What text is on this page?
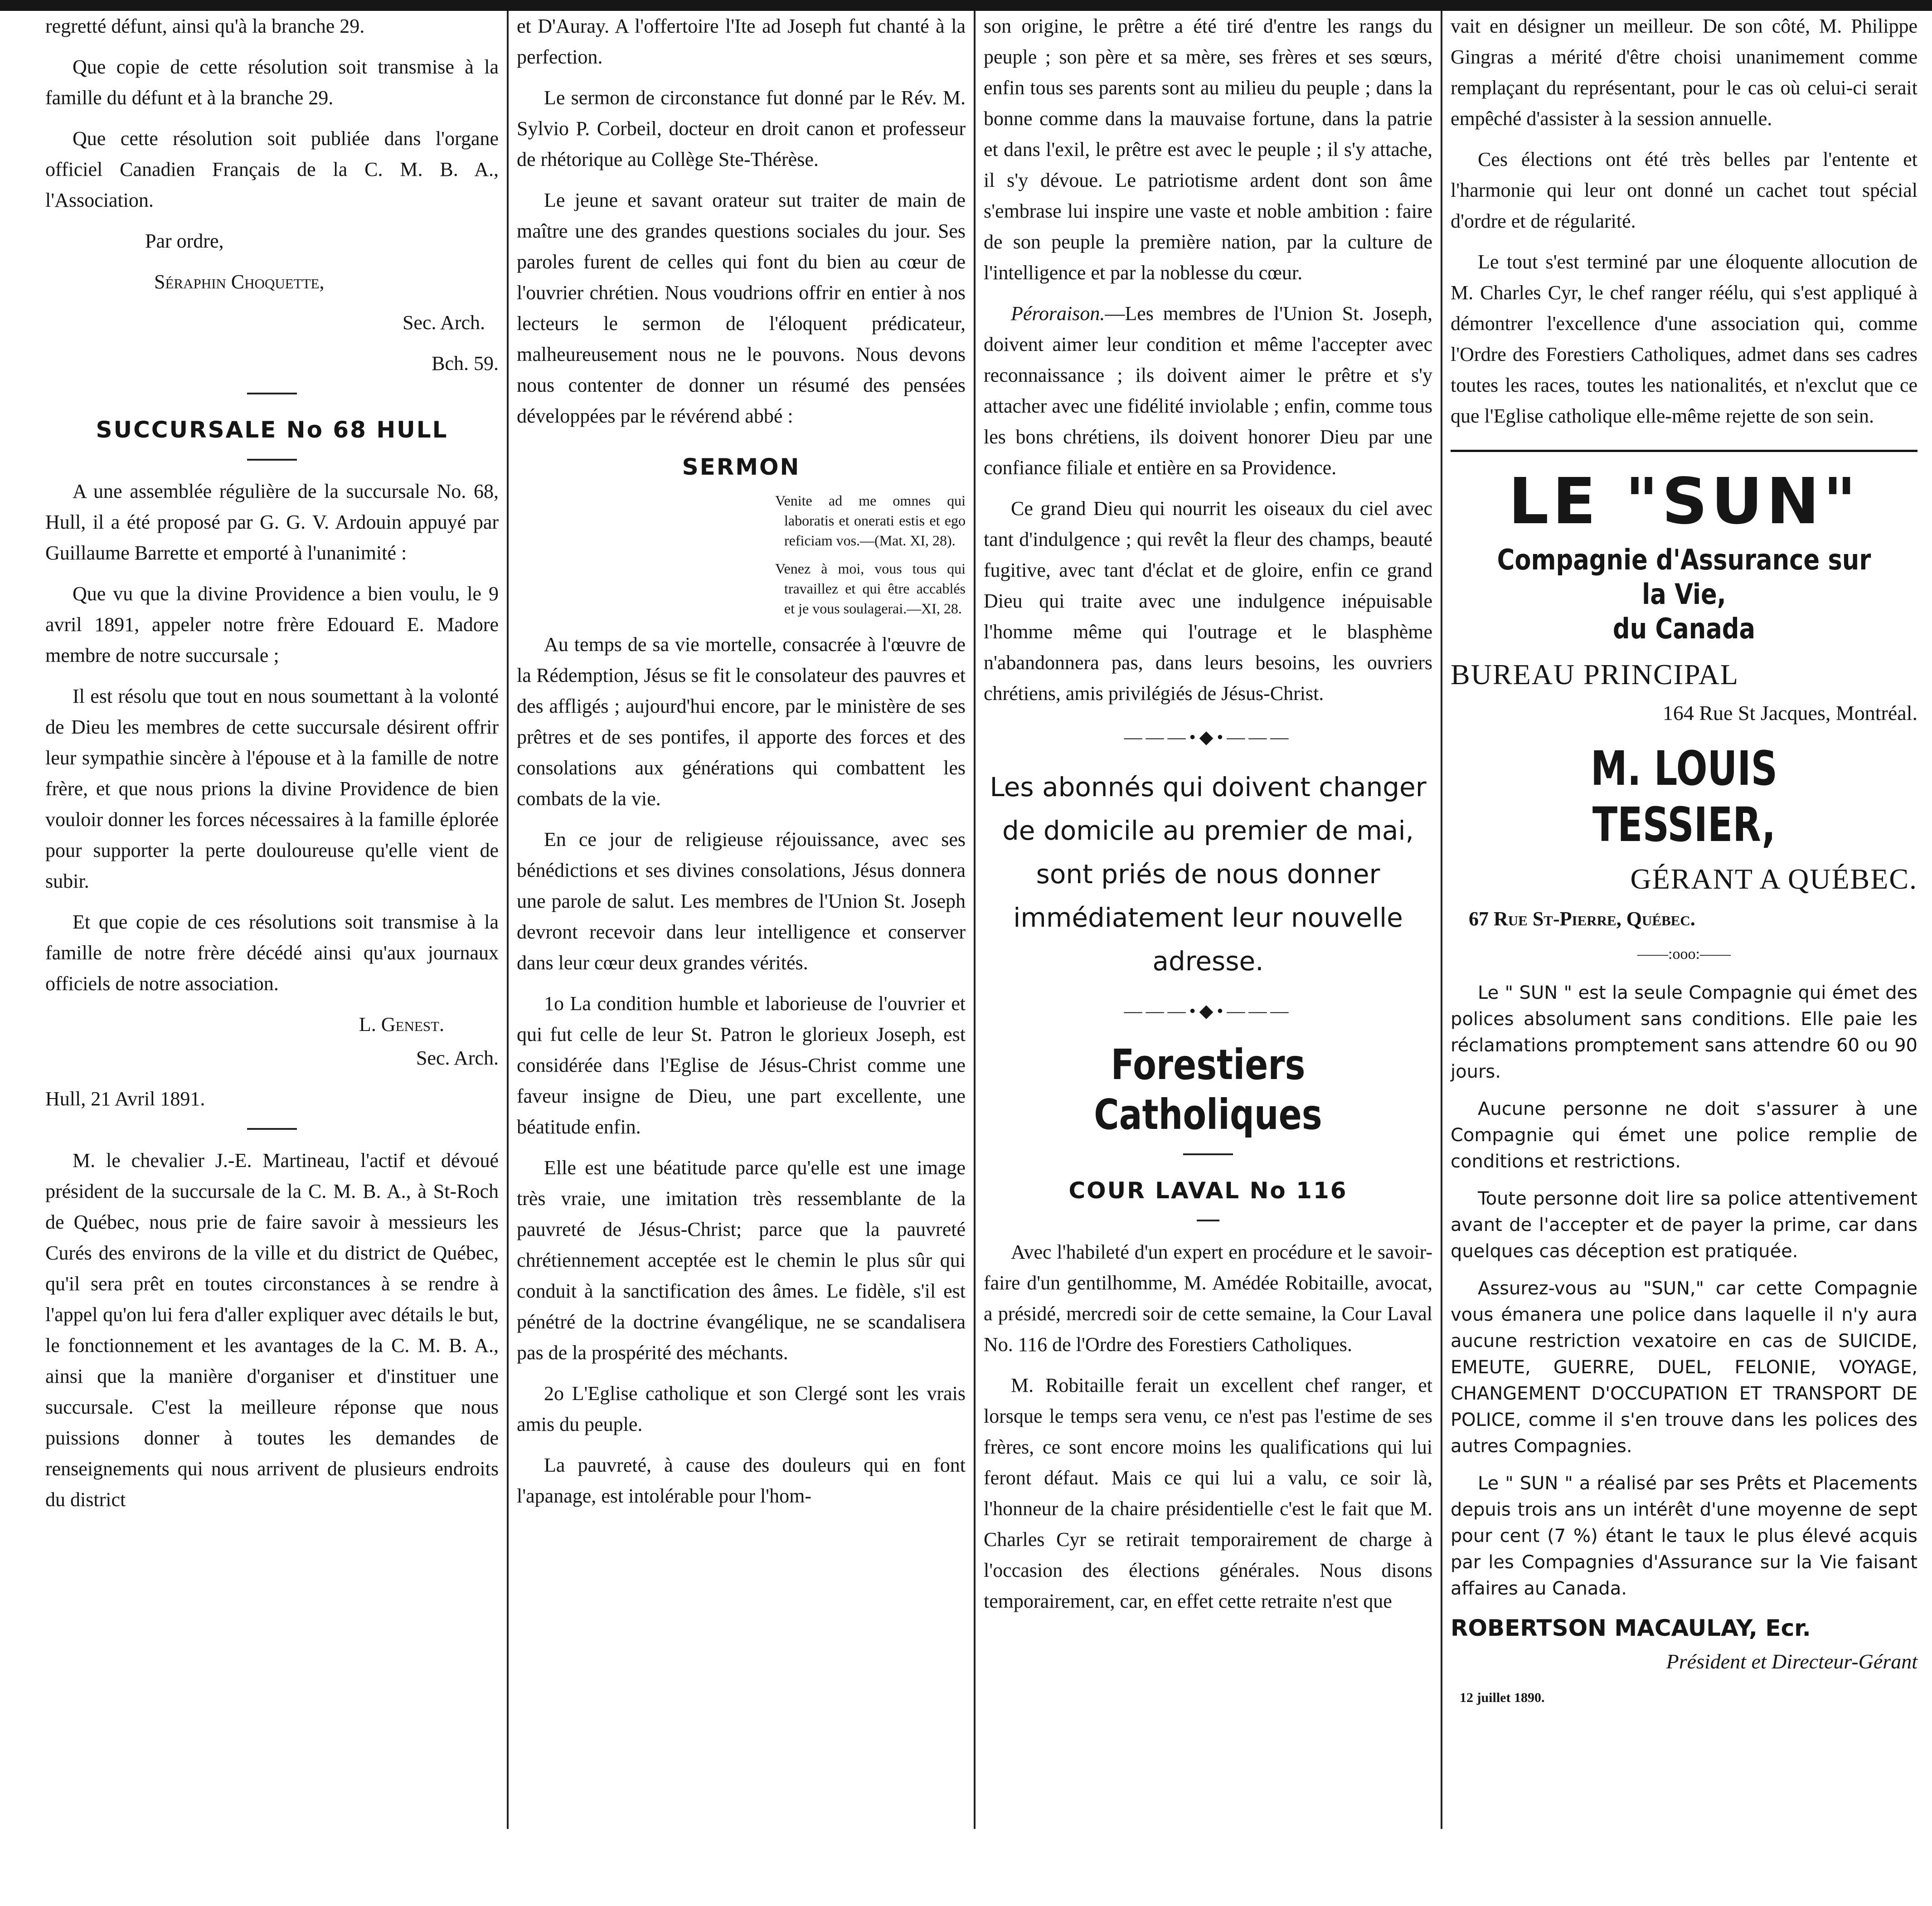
regretté défunt, ainsi qu'à la branche 29.

Que copie de cette résolution soit transmise à la famille du défunt et à la branche 29.

Que cette résolution soit publiée dans l'organe officiel Canadien Français de la C. M. B. A., l'Association.

Par ordre,

Séraphin Choquette,

Sec. Arch.

Bch. 59.

SUCCURSALE No 68 HULL

A une assemblée régulière de la succursale No. 68, Hull, il a été proposé par G. G. V. Ardouin appuyé par Guillaume Barrette et emporté à l'unanimité :

Que vu que la divine Providence a bien voulu, le 9 avril 1891, appeler notre frère Edouard E. Madore membre de notre succursale ;

Il est résolu que tout en nous soumettant à la volonté de Dieu les membres de cette succursale désirent offrir leur sympathie sincère à l'épouse et à la famille de notre frère, et que nous prions la divine Providence de bien vouloir donner les forces nécessaires à la famille éplorée pour supporter la perte douloureuse qu'elle vient de subir.

Et que copie de ces résolutions soit transmise à la famille de notre frère décédé ainsi qu'aux journaux officiels de notre association.

L. Genest.

Sec. Arch.

Hull, 21 Avril 1891.

M. le chevalier J.-E. Martineau, l'actif et dévoué président de la succursale de la C. M. B. A., à St-Roch de Québec, nous prie de faire savoir à messieurs les Curés des environs de la ville et du district de Québec, qu'il sera prêt en toutes circonstances à se rendre à l'appel qu'on lui fera d'aller expliquer avec détails le but, le fonctionnement et les avantages de la C. M. B. A., ainsi que la manière d'organiser et d'instituer une succursale. C'est la meilleure réponse que nous puissions donner à toutes les demandes de renseignements qui nous arrivent de plusieurs endroits du district

et D'Auray. A l'offertoire l'Ite ad Joseph fut chanté à la perfection.

Le sermon de circonstance fut donné par le Rév. M. Sylvio P. Corbeil, docteur en droit canon et professeur de rhétorique au Collège Ste-Thérèse.

Le jeune et savant orateur sut traiter de main de maître une des grandes questions sociales du jour. Ses paroles furent de celles qui font du bien au cœur de l'ouvrier chrétien. Nous voudrions offrir en entier à nos lecteurs le sermon de l'éloquent prédicateur, malheureusement nous ne le pouvons. Nous devons nous contenter de donner un résumé des pensées développées par le révérend abbé :

SERMON

Venite ad me omnes qui laboratis et onerati estis et ego reficiam vos.—(Mat. XI, 28).

Venez à moi, vous tous qui travaillez et qui être accablés et je vous soulagerai.—XI, 28.

Au temps de sa vie mortelle, consacrée à l'œuvre de la Rédemption, Jésus se fit le consolateur des pauvres et des affligés ; aujourd'hui encore, par le ministère de ses prêtres et de ses pontifes, il apporte des forces et des consolations aux générations qui combattent les combats de la vie.

En ce jour de religieuse réjouissance, avec ses bénédictions et ses divines consolations, Jésus donnera une parole de salut. Les membres de l'Union St. Joseph devront recevoir dans leur intelligence et conserver dans leur cœur deux grandes vérités.

1o La condition humble et laborieuse de l'ouvrier et qui fut celle de leur St. Patron le glorieux Joseph, est considérée dans l'Eglise de Jésus-Christ comme une faveur insigne de Dieu, une part excellente, une béatitude enfin.

Elle est une béatitude parce qu'elle est une image très vraie, une imitation très ressemblante de la pauvreté de Jésus-Christ; parce que la pauvreté chrétiennement acceptée est le chemin le plus sûr qui conduit à la sanctification des âmes. Le fidèle, s'il est pénétré de la doctrine évangélique, ne se scandalisera pas de la prospérité des méchants.

2o L'Eglise catholique et son Clergé sont les vrais amis du peuple.

La pauvreté, à cause des douleurs qui en font l'apanage, est intolérable pour l'hom-

son origine, le prêtre a été tiré d'entre les rangs du peuple ; son père et sa mère, ses frères et ses sœurs, enfin tous ses parents sont au milieu du peuple ; dans la bonne comme dans la mauvaise fortune, dans la patrie et dans l'exil, le prêtre est avec le peuple ; il s'y attache, il s'y dévoue. Le patriotisme ardent dont son âme s'embrase lui inspire une vaste et noble ambition : faire de son peuple la première nation, par la culture de l'intelligence et par la noblesse du cœur.

Péroraison.—Les membres de l'Union St. Joseph, doivent aimer leur condition et même l'accepter avec reconnaissance ; ils doivent aimer le prêtre et s'y attacher avec une fidélité inviolable ; enfin, comme tous les bons chrétiens, ils doivent honorer Dieu par une confiance filiale et entière en sa Providence.

Ce grand Dieu qui nourrit les oiseaux du ciel avec tant d'indulgence ; qui revêt la fleur des champs, beauté fugitive, avec tant d'éclat et de gloire, enfin ce grand Dieu qui traite avec une indulgence inépuisable l'homme même qui l'outrage et le blasphème n'abandonnera pas, dans leurs besoins, les ouvriers chrétiens, amis privilégiés de Jésus-Christ.

———•◆•———

Les abonnés qui doivent changer de domicile au premier de mai, sont priés de nous donner immédiatement leur nouvelle adresse.

———•◆•———
Forestiers Catholiques
COUR LAVAL No 116

Avec l'habileté d'un expert en procédure et le savoir-faire d'un gentilhomme, M. Amédée Robitaille, avocat, a présidé, mercredi soir de cette semaine, la Cour Laval No. 116 de l'Ordre des Forestiers Catholiques.

M. Robitaille ferait un excellent chef ranger, et lorsque le temps sera venu, ce n'est pas l'estime de ses frères, ce sont encore moins les qualifications qui lui feront défaut. Mais ce qui lui a valu, ce soir là, l'honneur de la chaire présidentielle c'est le fait que M. Charles Cyr se retirait temporairement de charge à l'occasion des élections générales. Nous disons temporairement, car, en effet cette retraite n'est que

vait en désigner un meilleur. De son côté, M. Philippe Gingras a mérité d'être choisi unanimement comme remplaçant du représentant, pour le cas où celui-ci serait empêché d'assister à la session annuelle.

Ces élections ont été très belles par l'entente et l'harmonie qui leur ont donné un cachet tout spécial d'ordre et de régularité.

Le tout s'est terminé par une éloquente allocution de M. Charles Cyr, le chef ranger réélu, qui s'est appliqué à démontrer l'excellence d'une association qui, comme l'Ordre des Forestiers Catholiques, admet dans ses cadres toutes les races, toutes les nationalités, et n'exclut que ce que l'Eglise catholique elle-même rejette de son sein.

LE "SUN"
Compagnie d'Assurance sur la Vie,
du Canada
BUREAU PRINCIPAL
164 Rue St Jacques, Montréal.
M. LOUIS TESSIER,
GÉRANT A QUÉBEC.
67 Rue St-Pierre, Québec.
——:ooo:——

Le " SUN " est la seule Compagnie qui émet des polices absolument sans conditions. Elle paie les réclamations promptement sans attendre 60 ou 90 jours.

Aucune personne ne doit s'assurer à une Compagnie qui émet une police remplie de conditions et restrictions.

Toute personne doit lire sa police attentivement avant de l'accepter et de payer la prime, car dans quelques cas déception est pratiquée.

Assurez-vous au "SUN," car cette Compagnie vous émanera une police dans laquelle il n'y aura aucune restriction vexatoire en cas de SUICIDE, EMEUTE, GUERRE, DUEL, FELONIE, VOYAGE, CHANGEMENT D'OCCUPATION ET TRANSPORT DE POLICE, comme il s'en trouve dans les polices des autres Compagnies.

Le " SUN " a réalisé par ses Prêts et Placements depuis trois ans un intérêt d'une moyenne de sept pour cent (7 %) étant le taux le plus élevé acquis par les Compagnies d'Assurance sur la Vie faisant affaires au Canada.

ROBERTSON MACAULAY, Ecr.
Président et Directeur-Gérant
12 juillet 1890.
